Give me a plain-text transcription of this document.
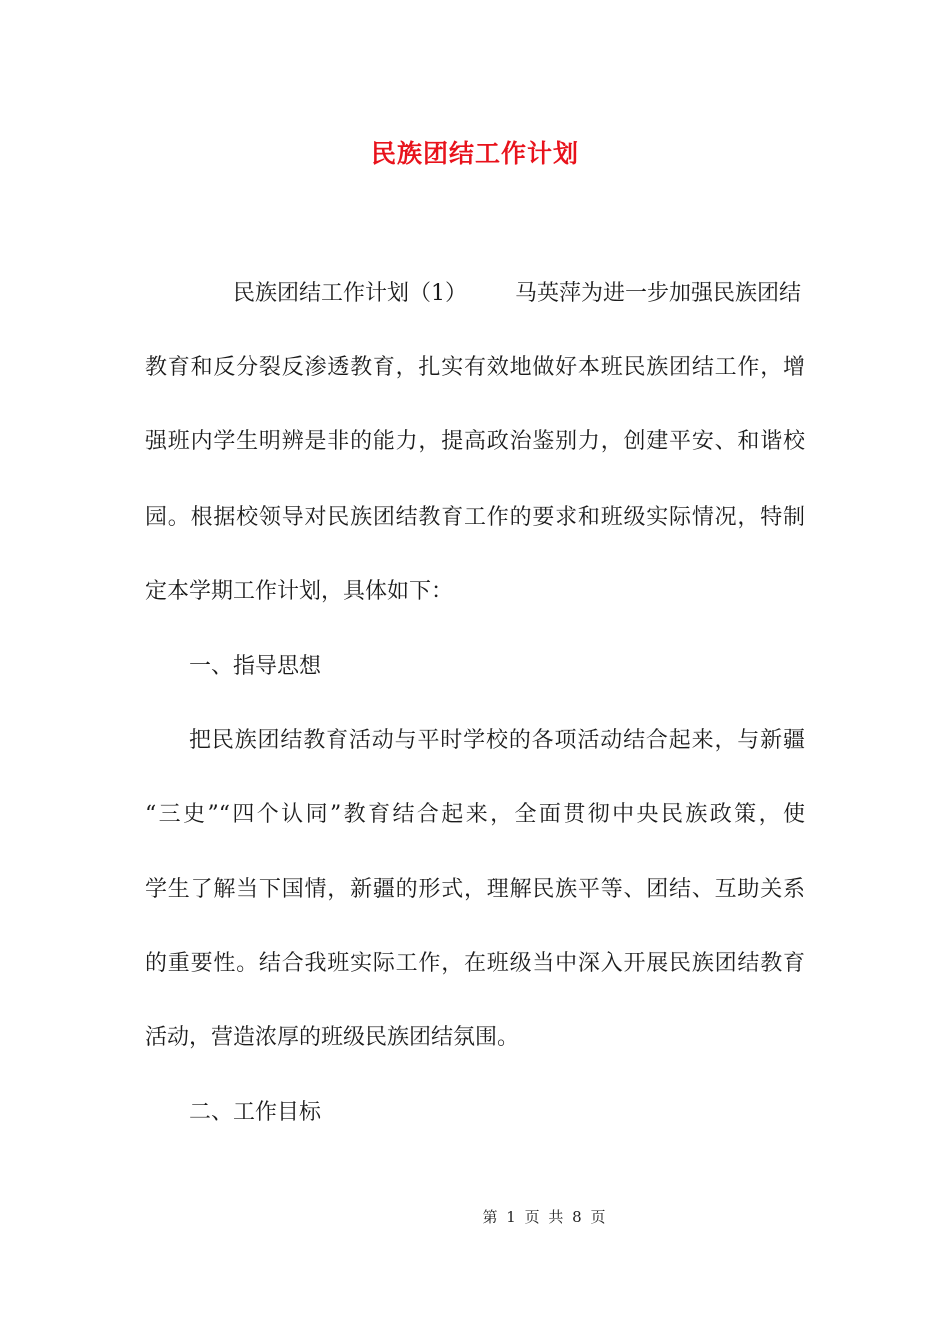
民族团结工作计划
民族团结工作计划（1） 马英萍为进一步加强民族团结
教育和反分裂反渗透教育，扎实有效地做好本班民族团结工作，增
强班内学生明辨是非的能力，提高政治鉴别力，创建平安、和谐校
园。根据校领导对民族团结教育工作的要求和班级实际情况，特制
定本学期工作计划，具体如下：
一、指导思想
把民族团结教育活动与平时学校的各项活动结合起来，与新疆
“三史”“四个认同”教育结合起来，全面贯彻中央民族政策，使
学生了解当下国情，新疆的形式，理解民族平等、团结、互助关系
的重要性。结合我班实际工作，在班级当中深入开展民族团结教育
活动，营造浓厚的班级民族团结氛围。
二、工作目标
第 1 页 共 8 页
